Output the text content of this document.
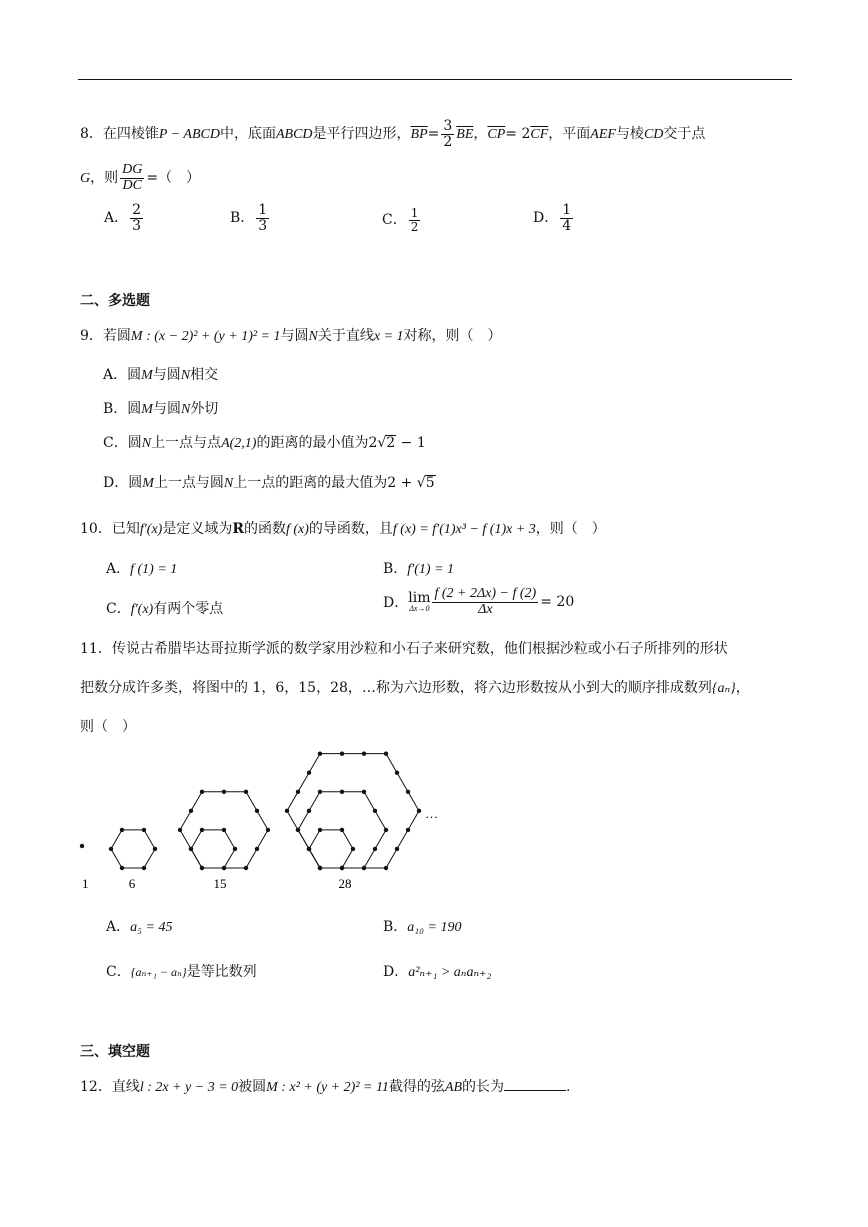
8．在四棱锥P − ABCD中，底面ABCD是平行四边形，$\overline{BP}= \frac{3}{2} \overline{BE}$，$\overline{CP}= 2\overline{CF}$，平面AEF与棱CD交于点
G，则 $\frac{DG}{DC}$ =（　）
A． $\frac{2}{3}$	B． $\frac{1}{3}$	C． $\frac{1}{2}$	D． $\frac{1}{4}$
二、多选题
9．若圆M : (x − 2)² + (y + 1)² = 1与圆N关于直线x = 1对称，则（　）
A．圆M与圆N相交
B．圆M与圆N外切
C．圆N上一点与点A(2,1)的距离的最小值为2√2 − 1
D．圆M上一点与圆N上一点的距离的最大值为2 + √5
10．已知f′(x)是定义域为R的函数f (x)的导函数，且f (x) = f′(1)x³ − f (1)x + 3，则（　）
A．f (1) = 1	B．f′(1) = 1
C．f′(x)有两个零点	D． lim
$\Delta x\to 0 \frac{f (2 + 2\Delta x) - f (2)}{\Delta x} = 20$
11．传说古希腊毕达哥拉斯学派的数学家用沙粒和小石子来研究数，他们根据沙粒或小石子所排列的形状
把数分成许多类，将图中的 1，6，15，28，…称为六边形数，将六边形数按从小到大的顺序排成数列{aₙ}，
则（　）
1	6	15	28
…
A．a₅ = 45	B．a₁₀ = 190
C．{aₙ₊₁ − aₙ}是等比数列	D．a²ₙ₊₁ > aₙaₙ₊₂
三、填空题
12．直线l : 2x + y − 3 = 0被圆M : x² + (y + 2)² = 11截得的弦AB的长为	.
